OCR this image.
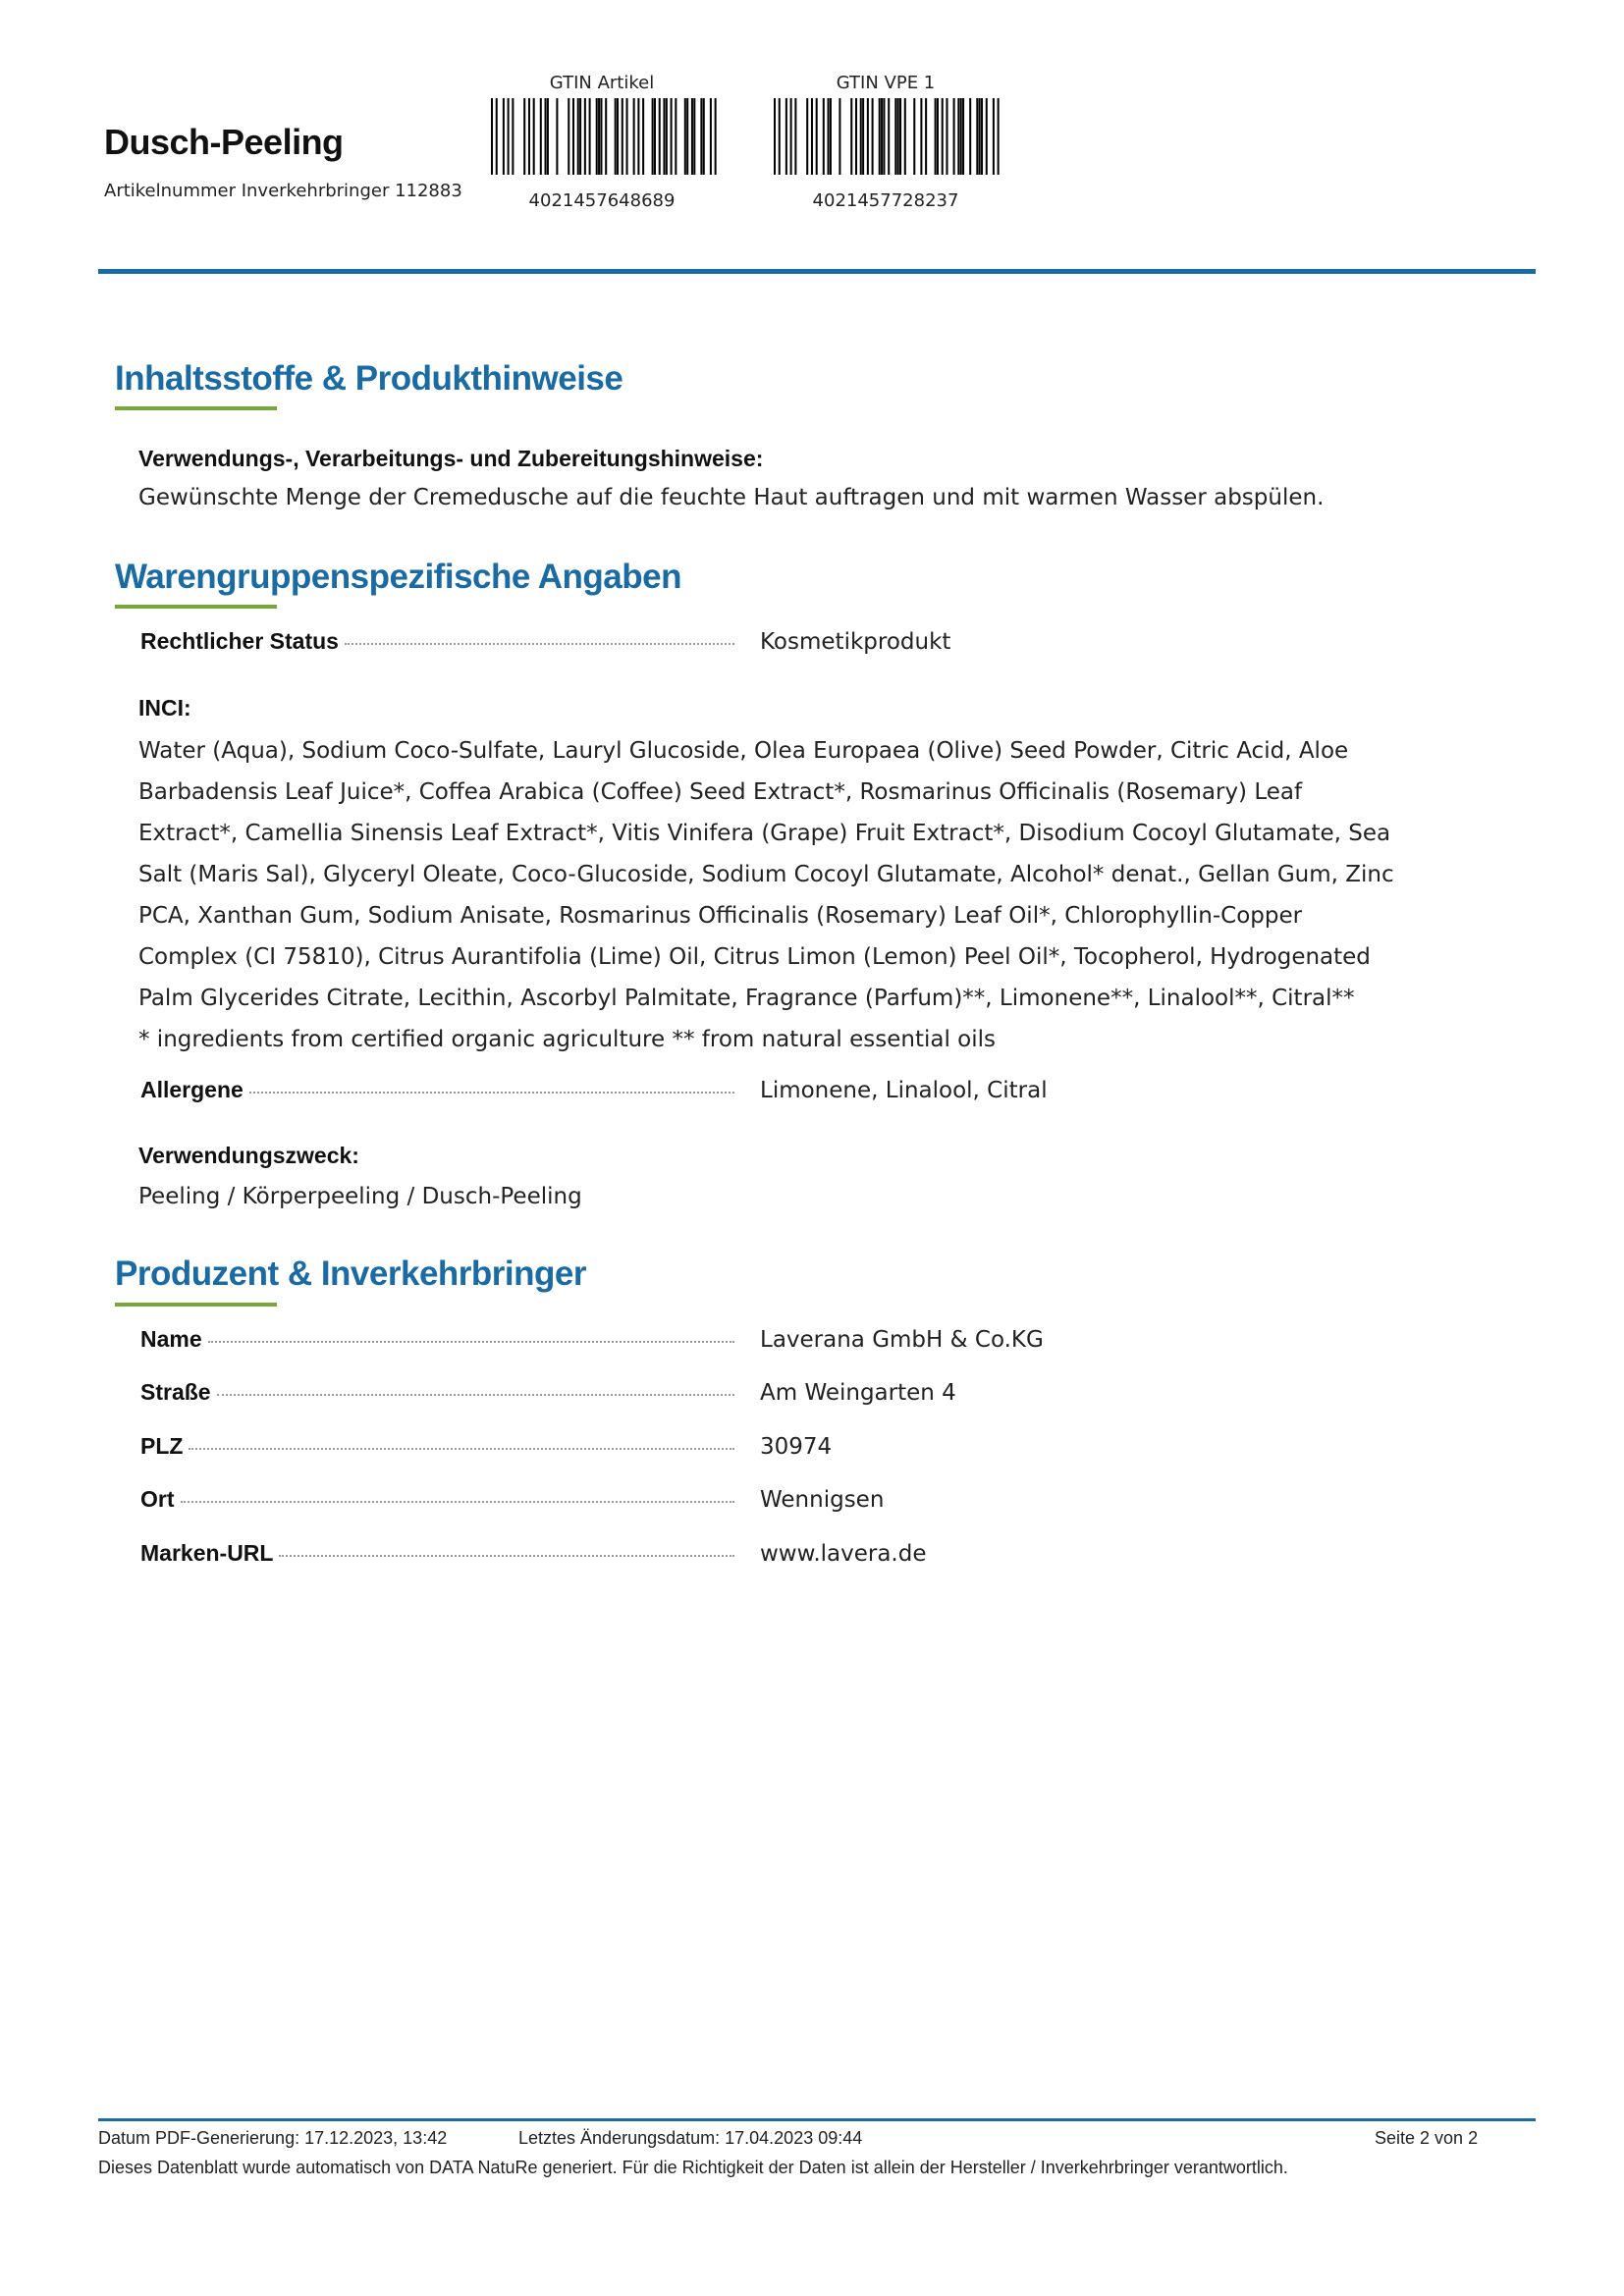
Dusch-Peeling
Artikelnummer Inverkehrbringer 112883
GTIN Artikel
4021457648689
GTIN VPE 1
4021457728237
Inhaltsstoffe & Produkthinweise
Verwendungs-, Verarbeitungs- und Zubereitungshinweise:
Gewünschte Menge der Cremedusche auf die feuchte Haut auftragen und mit warmen Wasser abspülen.
Warengruppenspezifische Angaben
Rechtlicher Status	Kosmetikprodukt
INCI:
Water (Aqua), Sodium Coco-Sulfate, Lauryl Glucoside, Olea Europaea (Olive) Seed Powder, Citric Acid, Aloe
Barbadensis Leaf Juice*, Coffea Arabica (Coffee) Seed Extract*, Rosmarinus Officinalis (Rosemary) Leaf
Extract*, Camellia Sinensis Leaf Extract*, Vitis Vinifera (Grape) Fruit Extract*, Disodium Cocoyl Glutamate, Sea
Salt (Maris Sal), Glyceryl Oleate, Coco-Glucoside, Sodium Cocoyl Glutamate, Alcohol* denat., Gellan Gum, Zinc
PCA, Xanthan Gum, Sodium Anisate, Rosmarinus Officinalis (Rosemary) Leaf Oil*, Chlorophyllin-Copper
Complex (CI 75810), Citrus Aurantifolia (Lime) Oil, Citrus Limon (Lemon) Peel Oil*, Tocopherol, Hydrogenated
Palm Glycerides Citrate, Lecithin, Ascorbyl Palmitate, Fragrance (Parfum)**, Limonene**, Linalool**, Citral**
* ingredients from certified organic agriculture ** from natural essential oils
Allergene	Limonene, Linalool, Citral
Verwendungszweck:
Peeling / Körperpeeling / Dusch-Peeling
Produzent & Inverkehrbringer
Name	Laverana GmbH & Co.KG
Straße	Am Weingarten 4
PLZ	30974
Ort	Wennigsen
Marken-URL	www.lavera.de
Datum PDF-Generierung: 17.12.2023, 13:42	Letztes Änderungsdatum: 17.04.2023 09:44	Seite 2 von 2
Dieses Datenblatt wurde automatisch von DATA NatuRe generiert. Für die Richtigkeit der Daten ist allein der Hersteller / Inverkehrbringer verantwortlich.
